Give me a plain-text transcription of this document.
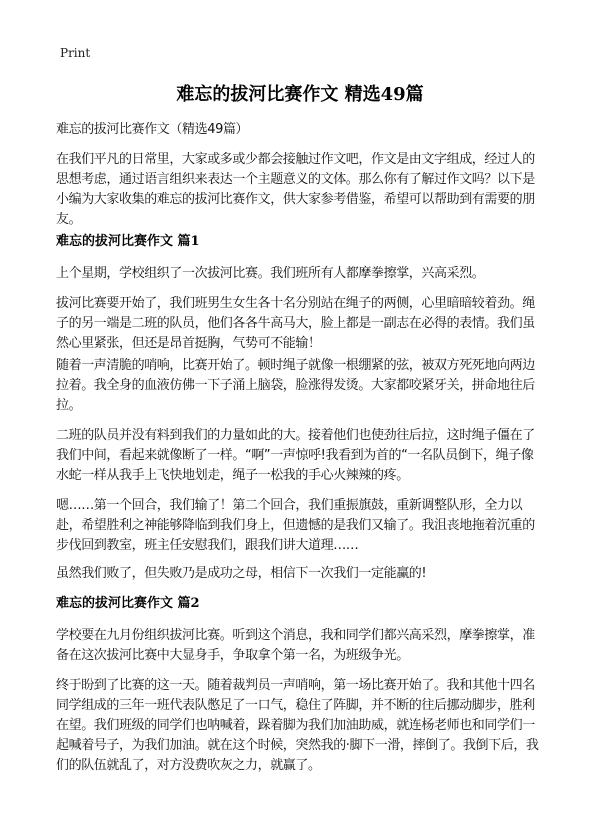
Print
难忘的拔河比赛作文 精选49篇

难忘的拔河比赛作文（精选49篇）

在我们平凡的日常里，大家或多或少都会接触过作文吧，作文是由文字组成，经过人的思想考虑，通过语言组织来表达一个主题意义的文体。那么你有了解过作文吗？以下是小编为大家收集的难忘的拔河比赛作文，供大家参考借鉴，希望可以帮助到有需要的朋友。

难忘的拔河比赛作文 篇1

上个星期，学校组织了一次拔河比赛。我们班所有人都摩拳擦掌，兴高采烈。

拔河比赛要开始了，我们班男生女生各十名分别站在绳子的两侧，心里暗暗较着劲。绳子的另一端是二班的队员，他们各各牛高马大，脸上都是一副志在必得的表情。我们虽然心里紧张，但还是昂首挺胸，气势可不能输！

随着一声清脆的哨响，比赛开始了。顿时绳子就像一根绷紧的弦，被双方死死地向两边拉着。我全身的血液仿佛一下子涌上脑袋，脸涨得发烫。大家都咬紧牙关，拼命地往后拉。

二班的队员并没有料到我们的力量如此的大。接着他们也使劲往后拉，这时绳子僵在了我们中间，看起来就像断了一样。“啊”一声惊呼!我看到为首的“一名队员倒下，绳子像水蛇一样从我手上飞快地划走，绳子一松我的手心火辣辣的疼。

嗯……第一个回合，我们输了！第二个回合，我们重振旗鼓，重新调整队形，全力以赴，希望胜利之神能够降临到我们身上，但遗憾的是我们又输了。我沮丧地拖着沉重的步伐回到教室，班主任安慰我们，跟我们讲大道理……

虽然我们败了，但失败乃是成功之母，相信下一次我们一定能赢的!

难忘的拔河比赛作文 篇2

学校要在九月份组织拔河比赛。听到这个消息，我和同学们都兴高采烈，摩拳擦掌，准备在这次拔河比赛中大显身手，争取拿个第一名，为班级争光。

终于盼到了比赛的这一天。随着裁判员一声哨响，第一场比赛开始了。我和其他十四名同学组成的三年一班代表队憋足了一口气，稳住了阵脚，并不断的往后挪动脚步，胜利在望。我们班级的同学们也呐喊着，跺着脚为我们加油助威，就连杨老师也和同学们一起喊着号子，为我们加油。就在这个时候，突然我的·脚下一滑，摔倒了。我倒下后，我们的队伍就乱了，对方没费吹灰之力，就赢了。
